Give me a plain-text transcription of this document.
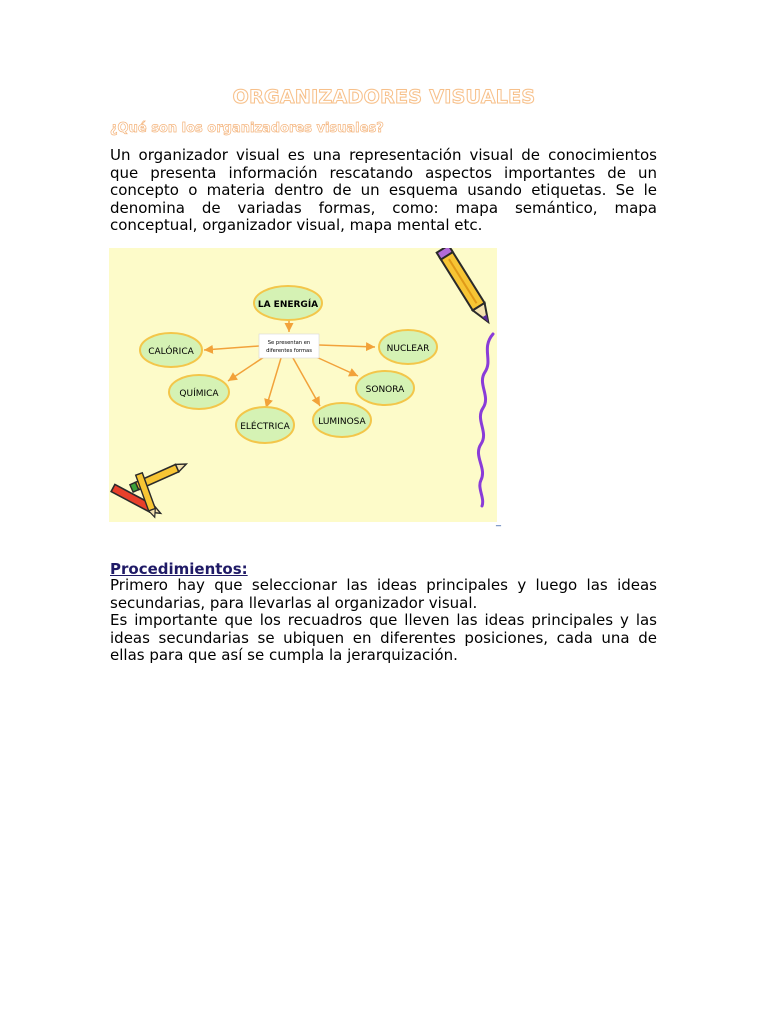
ORGANIZADORES VISUALES
¿Qué son los organizadores visuales?
Un organizador visual es una representación visual de conocimientos que presenta información rescatando aspectos importantes de un concepto o materia dentro de un esquema usando etiquetas. Se le denomina de variadas formas, como: mapa semántico, mapa conceptual, organizador visual, mapa mental etc.
LA ENERGÍA
Se presentan en
diferentes formas
CALÓRICA
QUÍMICA
ELÉCTRICA	LUMINOSA
SONORA
NUCLEAR
_
Procedimientos:
Primero hay que seleccionar las ideas principales y luego las ideas secundarias, para llevarlas al organizador visual.
Es importante que los recuadros que lleven las ideas principales y las ideas secundarias se ubiquen en diferentes posiciones, cada una de ellas para que así se cumpla la jerarquización.
